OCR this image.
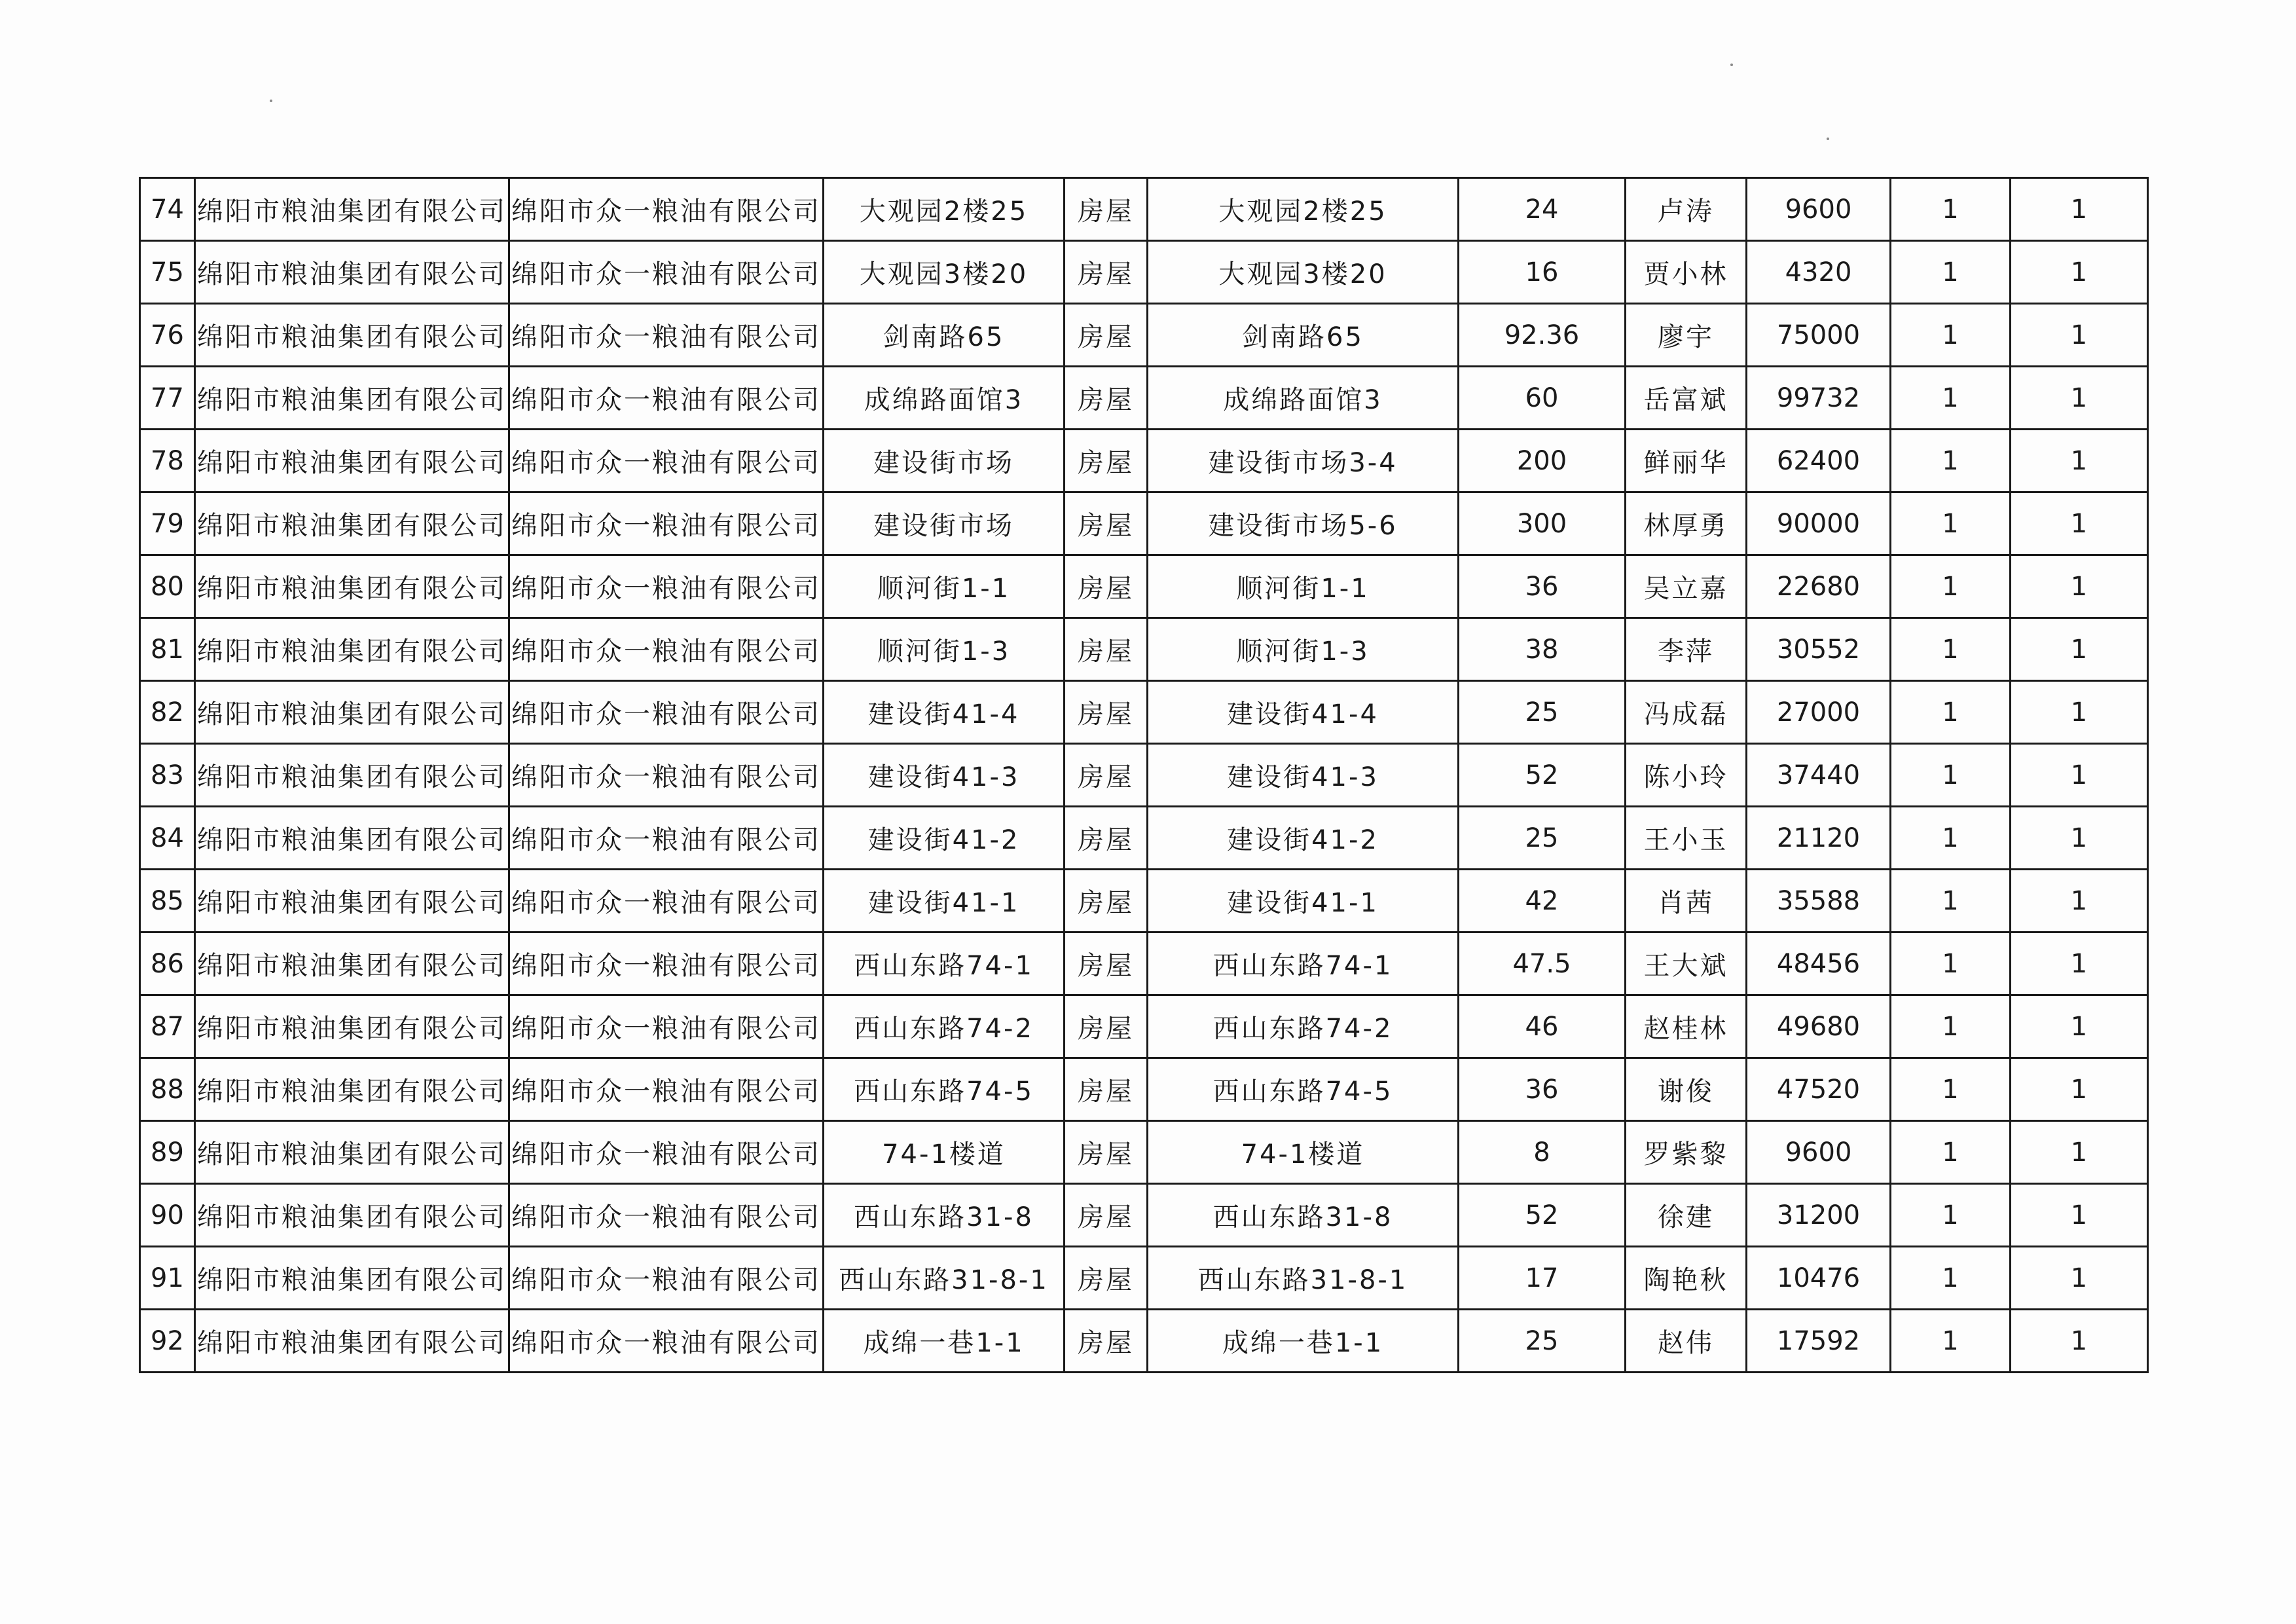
74	绵阳市粮油集团有限公司	绵阳市众一粮油有限公司	大观园2楼25	房屋	大观园2楼25	24	卢涛	9600	1	1
75	绵阳市粮油集团有限公司	绵阳市众一粮油有限公司	大观园3楼20	房屋	大观园3楼20	16	贾小林	4320	1	1
76	绵阳市粮油集团有限公司	绵阳市众一粮油有限公司	剑南路65	房屋	剑南路65	92.36	廖宇	75000	1	1
77	绵阳市粮油集团有限公司	绵阳市众一粮油有限公司	成绵路面馆3	房屋	成绵路面馆3	60	岳富斌	99732	1	1
78	绵阳市粮油集团有限公司	绵阳市众一粮油有限公司	建设街市场	房屋	建设街市场3-4	200	鲜丽华	62400	1	1
79	绵阳市粮油集团有限公司	绵阳市众一粮油有限公司	建设街市场	房屋	建设街市场5-6	300	林厚勇	90000	1	1
80	绵阳市粮油集团有限公司	绵阳市众一粮油有限公司	顺河街1-1	房屋	顺河街1-1	36	吴立嘉	22680	1	1
81	绵阳市粮油集团有限公司	绵阳市众一粮油有限公司	顺河街1-3	房屋	顺河街1-3	38	李萍	30552	1	1
82	绵阳市粮油集团有限公司	绵阳市众一粮油有限公司	建设街41-4	房屋	建设街41-4	25	冯成磊	27000	1	1
83	绵阳市粮油集团有限公司	绵阳市众一粮油有限公司	建设街41-3	房屋	建设街41-3	52	陈小玲	37440	1	1
84	绵阳市粮油集团有限公司	绵阳市众一粮油有限公司	建设街41-2	房屋	建设街41-2	25	王小玉	21120	1	1
85	绵阳市粮油集团有限公司	绵阳市众一粮油有限公司	建设街41-1	房屋	建设街41-1	42	肖茜	35588	1	1
86	绵阳市粮油集团有限公司	绵阳市众一粮油有限公司	西山东路74-1	房屋	西山东路74-1	47.5	王大斌	48456	1	1
87	绵阳市粮油集团有限公司	绵阳市众一粮油有限公司	西山东路74-2	房屋	西山东路74-2	46	赵桂林	49680	1	1
88	绵阳市粮油集团有限公司	绵阳市众一粮油有限公司	西山东路74-5	房屋	西山东路74-5	36	谢俊	47520	1	1
89	绵阳市粮油集团有限公司	绵阳市众一粮油有限公司	74-1楼道	房屋	74-1楼道	8	罗紫黎	9600	1	1
90	绵阳市粮油集团有限公司	绵阳市众一粮油有限公司	西山东路31-8	房屋	西山东路31-8	52	徐建	31200	1	1
91	绵阳市粮油集团有限公司	绵阳市众一粮油有限公司	西山东路31-8-1	房屋	西山东路31-8-1	17	陶艳秋	10476	1	1
92	绵阳市粮油集团有限公司	绵阳市众一粮油有限公司	成绵一巷1-1	房屋	成绵一巷1-1	25	赵伟	17592	1	1
